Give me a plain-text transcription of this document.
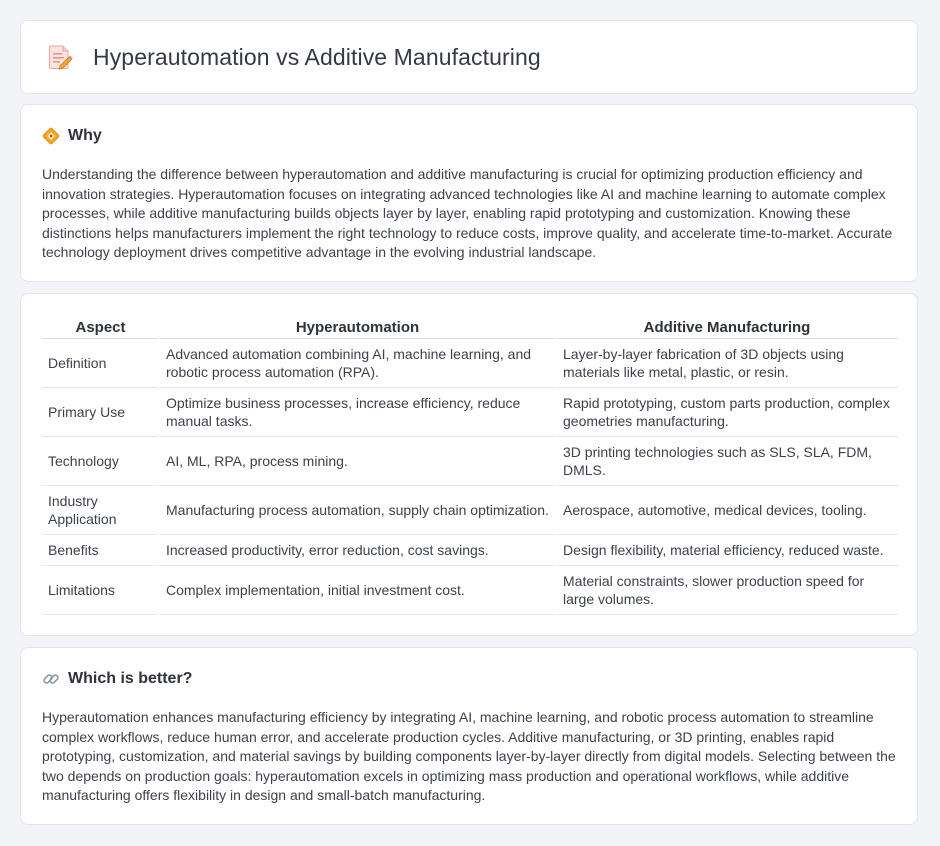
Hyperautomation vs Additive Manufacturing
Why

Understanding the difference between hyperautomation and additive manufacturing is crucial for optimizing production efficiency and innovation strategies. Hyperautomation focuses on integrating advanced technologies like AI and machine learning to automate complex processes, while additive manufacturing builds objects layer by layer, enabling rapid prototyping and customization. Knowing these distinctions helps manufacturers implement the right technology to reduce costs, improve quality, and accelerate time-to-market. Accurate technology deployment drives competitive advantage in the evolving industrial landscape.

Aspect	Hyperautomation	Additive Manufacturing
Definition	Advanced automation combining AI, machine learning, and robotic process automation (RPA).	Layer-by-layer fabrication of 3D objects using materials like metal, plastic, or resin.
Primary Use	Optimize business processes, increase efficiency, reduce manual tasks.	Rapid prototyping, custom parts production, complex geometries manufacturing.
Technology	AI, ML, RPA, process mining.	3D printing technologies such as SLS, SLA, FDM, DMLS.
Industry Application	Manufacturing process automation, supply chain optimization.	Aerospace, automotive, medical devices, tooling.
Benefits	Increased productivity, error reduction, cost savings.	Design flexibility, material efficiency, reduced waste.
Limitations	Complex implementation, initial investment cost.	Material constraints, slower production speed for large volumes.
Which is better?

Hyperautomation enhances manufacturing efficiency by integrating AI, machine learning, and robotic process automation to streamline complex workflows, reduce human error, and accelerate production cycles. Additive manufacturing, or 3D printing, enables rapid prototyping, customization, and material savings by building components layer-by-layer directly from digital models. Selecting between the two depends on production goals: hyperautomation excels in optimizing mass production and operational workflows, while additive manufacturing offers flexibility in design and small-batch manufacturing.
